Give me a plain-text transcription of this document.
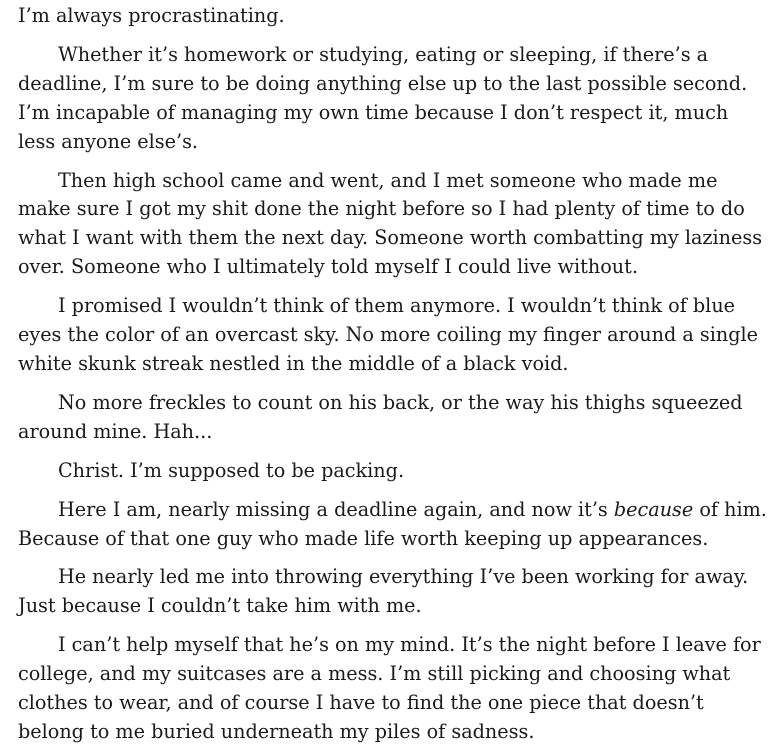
I’m always procrastinating.

Whether it’s homework or studying, eating or sleeping, if there’s a deadline, I’m sure to be doing anything else up to the last possible second. I’m incapable of managing my own time because I don’t respect it, much less anyone else’s.

Then high school came and went, and I met someone who made me make sure I got my shit done the night before so I had plenty of time to do what I want with them the next day. Someone worth combatting my laziness over. Someone who I ultimately told myself I could live without.

I promised I wouldn’t think of them anymore. I wouldn’t think of blue eyes the color of an overcast sky. No more coiling my finger around a single white skunk streak nestled in the middle of a black void.

No more freckles to count on his back, or the way his thighs squeezed around mine. Hah...

Christ. I’m supposed to be packing.

Here I am, nearly missing a deadline again, and now it’s because of him. Because of that one guy who made life worth keeping up appearances.

He nearly led me into throwing everything I’ve been working for away. Just because I couldn’t take him with me.

I can’t help myself that he’s on my mind. It’s the night before I leave for college, and my suitcases are a mess. I’m still picking and choosing what clothes to wear, and of course I have to find the one piece that doesn’t belong to me buried underneath my piles of sadness.
